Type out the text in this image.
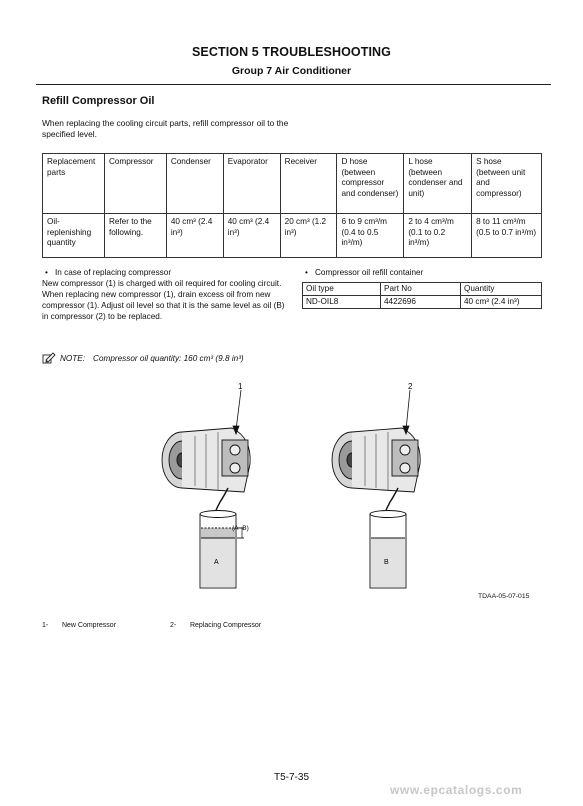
SECTION 5 TROUBLESHOOTING
Group 7 Air Conditioner
Refill Compressor Oil
When replacing the cooling circuit parts, refill compressor oil to the specified level.
Replacement parts	Compressor	Condenser	Evaporator	Receiver	D hose (between compressor and condenser)	L hose (between condenser and unit)	S hose (between unit and compressor)
Oil-replenishing quantity	Refer to the following.	40 cm³ (2.4 in³)	40 cm³ (2.4 in³)	20 cm³ (1.2 in³)	6 to 9 cm³/m (0.4 to 0.5 in³/m)	2 to 4 cm³/m (0.1 to 0.2 in³/m)	8 to 11 cm³/m (0.5 to 0.7 in³/m)
• In case of replacing compressor
New compressor (1) is charged with oil required for cooling circuit. When replacing new compressor (1), drain excess oil from new compressor (1). Adjust oil level so that it is the same level as oil (B) in compressor (2) to be replaced.
• Compressor oil refill container
Oil type	Part No	Quantity
ND-OIL8	4422696	40 cm³ (2.4 in³)
NOTE: Compressor oil quantity: 160 cm³ (9.8 in³)
1	2
(A−B)
A	B
TDAA-05-07-015
1- New Compressor	2- Replacing Compressor
T5-7-35
www.epcatalogs.com
